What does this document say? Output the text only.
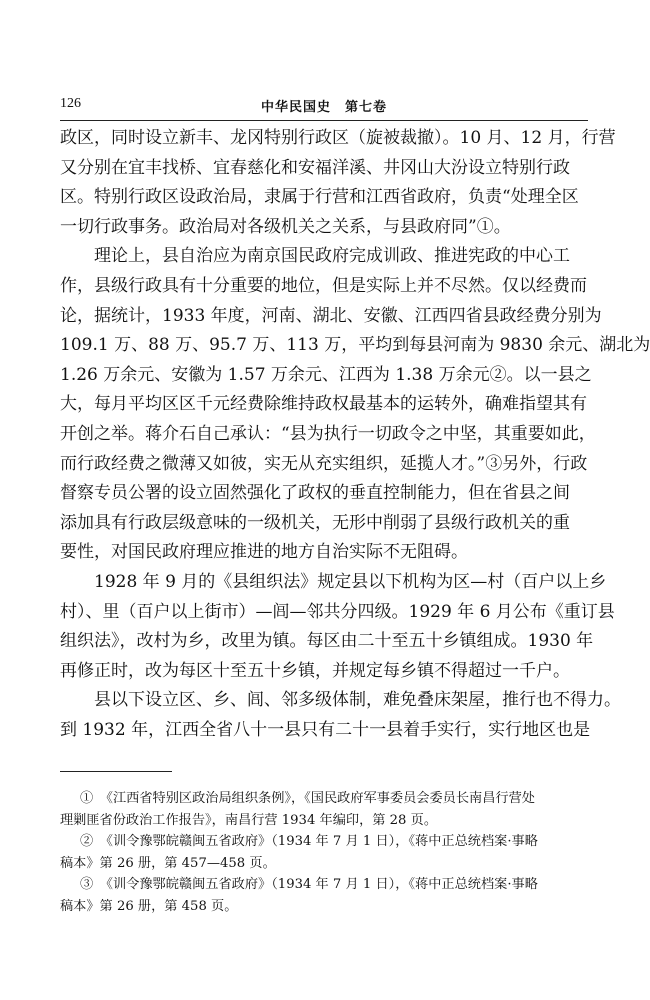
126	中华民国史　第七卷
政区，同时设立新丰、龙冈特别行政区（旋被裁撤）。10 月、12 月，行营
又分别在宜丰找桥、宜春慈化和安福洋溪、井冈山大汾设立特别行政
区。特别行政区设政治局，隶属于行营和江西省政府，负责“处理全区
一切行政事务。政治局对各级机关之关系，与县政府同”①。
理论上，县自治应为南京国民政府完成训政、推进宪政的中心工
作，县级行政具有十分重要的地位，但是实际上并不尽然。仅以经费而
论，据统计，1933 年度，河南、湖北、安徽、江西四省县政经费分别为
109.1 万、88 万、95.7 万、113 万，平均到每县河南为 9830 余元、湖北为
1.26 万余元、安徽为 1.57 万余元、江西为 1.38 万余元②。以一县之
大，每月平均区区千元经费除维持政权最基本的运转外，确难指望其有
开创之举。蒋介石自己承认：“县为执行一切政令之中坚，其重要如此，
而行政经费之微薄又如彼，实无从充实组织，延揽人才。”③另外，行政
督察专员公署的设立固然强化了政权的垂直控制能力，但在省县之间
添加具有行政层级意味的一级机关，无形中削弱了县级行政机关的重
要性，对国民政府理应推进的地方自治实际不无阻碍。
1928 年 9 月的《县组织法》规定县以下机构为区—村（百户以上乡
村）、里（百户以上街市）—闾—邻共分四级。1929 年 6 月公布《重订县
组织法》，改村为乡，改里为镇。每区由二十至五十乡镇组成。1930 年
再修正时，改为每区十至五十乡镇，并规定每乡镇不得超过一千户。
县以下设立区、乡、闾、邻多级体制，难免叠床架屋，推行也不得力。
到 1932 年，江西全省八十一县只有二十一县着手实行，实行地区也是
①　《江西省特别区政治局组织条例》，《国民政府军事委员会委员长南昌行营处
理剿匪省份政治工作报告》，南昌行营 1934 年编印，第 28 页。
②　《训令豫鄂皖赣闽五省政府》（1934 年 7 月 1 日），《蒋中正总统档案·事略
稿本》第 26 册，第 457—458 页。
③　《训令豫鄂皖赣闽五省政府》（1934 年 7 月 1 日），《蒋中正总统档案·事略
稿本》第 26 册，第 458 页。
